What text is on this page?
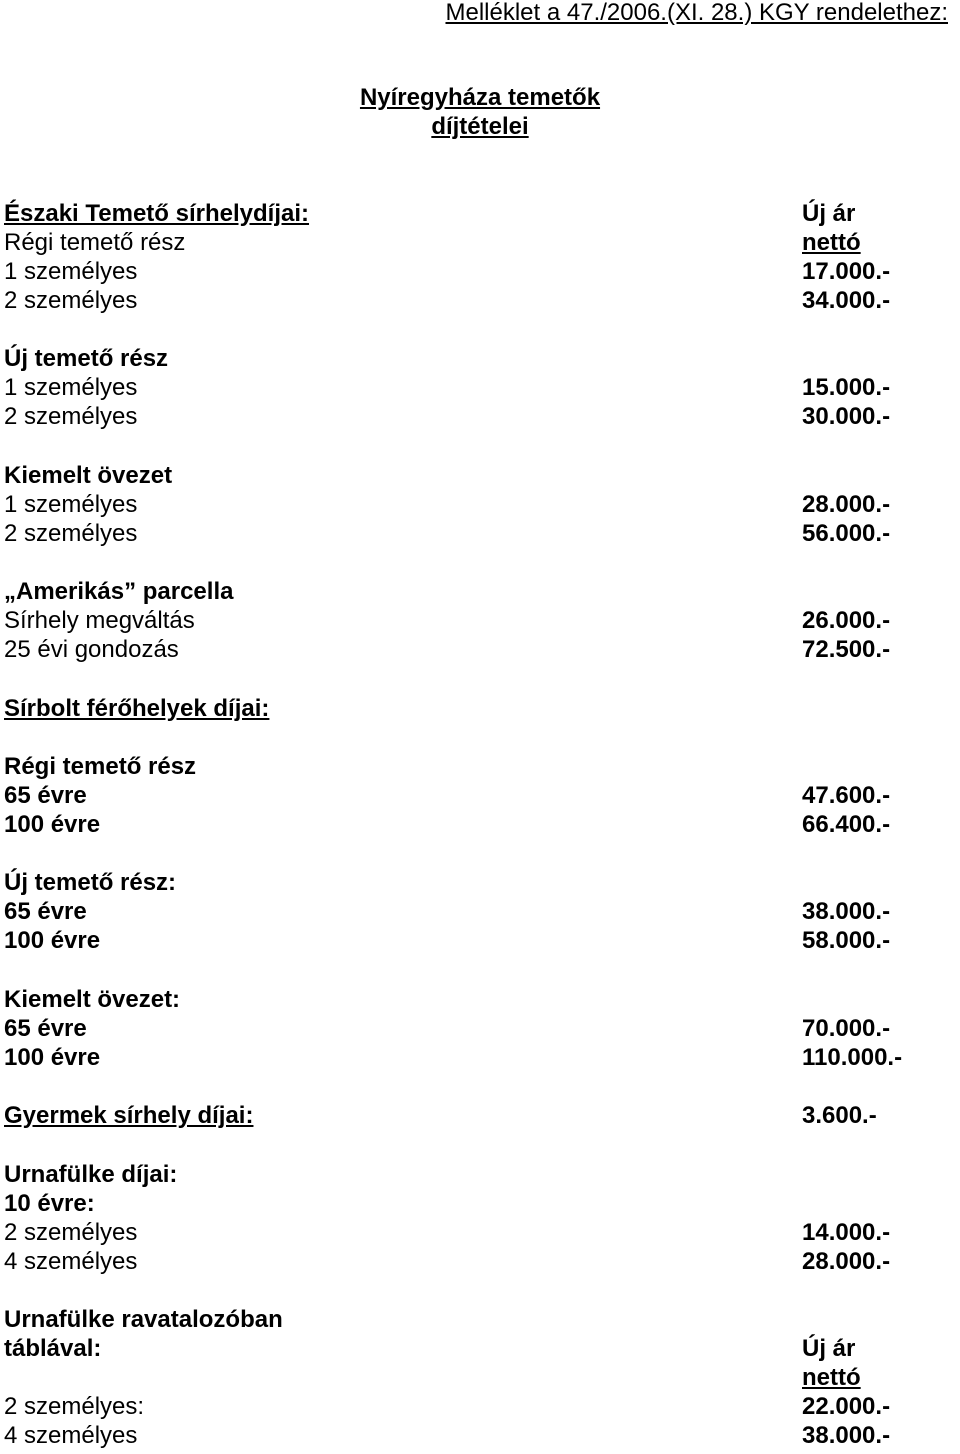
Melléklet a 47./2006.(XI. 28.) KGY rendelethez:
Nyíregyháza temetők
díjtételei
Északi Temető sírhelydíjai:	Új ár
Régi temető rész	nettó
1 személyes	17.000.-
2 személyes	34.000.-
Új temető rész
1 személyes	15.000.-
2 személyes	30.000.-
Kiemelt övezet
1 személyes	28.000.-
2 személyes	56.000.-
„Amerikás” parcella
Sírhely megváltás	26.000.-
25 évi gondozás	72.500.-
Sírbolt férőhelyek díjai:
Régi temető rész
65 évre	47.600.-
100 évre	66.400.-
Új temető rész:
65 évre	38.000.-
100 évre	58.000.-
Kiemelt övezet:
65 évre	70.000.-
100 évre	110.000.-
Gyermek sírhely díjai:	3.600.-
Urnafülke díjai:
10 évre:
2 személyes	14.000.-
4 személyes	28.000.-
Urnafülke ravatalozóban
táblával:	Új ár
nettó
2 személyes:	22.000.-
4 személyes	38.000.-
